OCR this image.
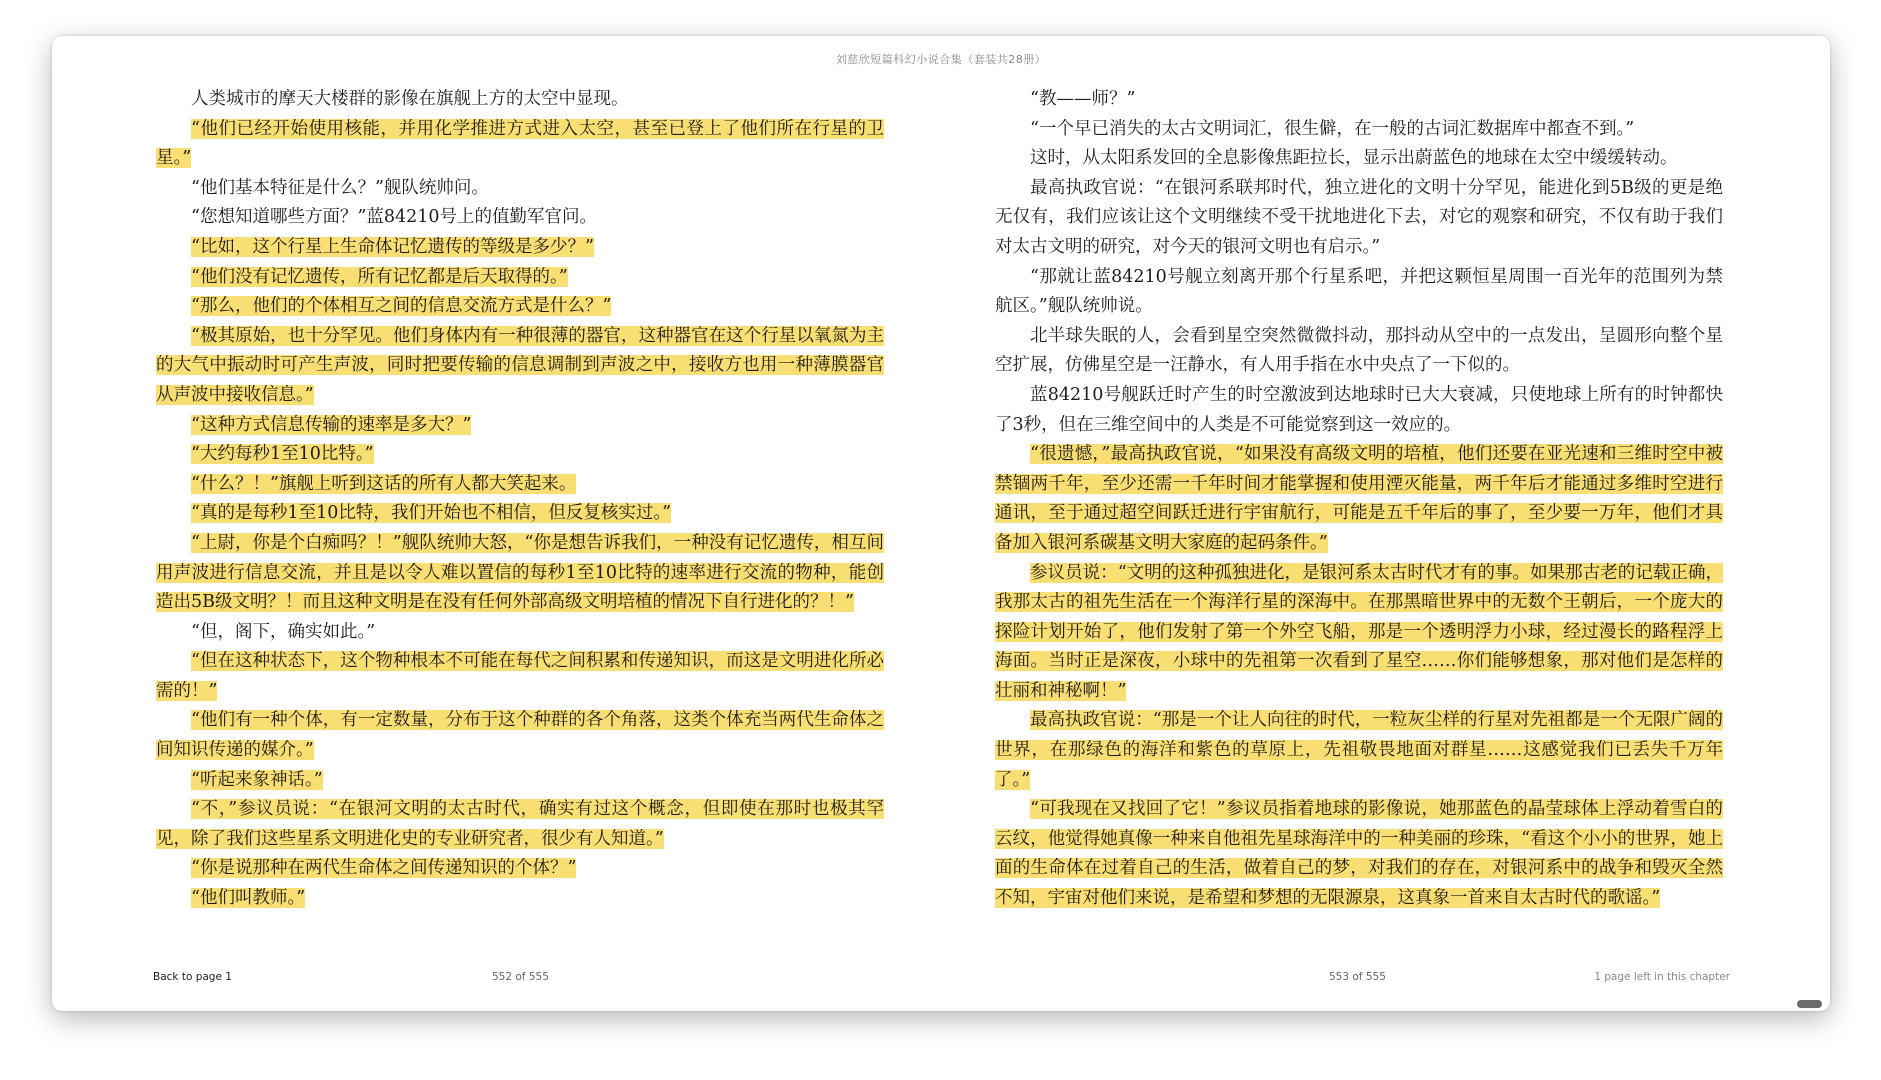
刘慈欣短篇科幻小说合集（套装共28册）

人类城市的摩天大楼群的影像在旗舰上方的太空中显现。

“他们已经开始使用核能，并用化学推进方式进入太空，甚至已登上了他们所在行星的卫星。”

“他们基本特征是什么？”舰队统帅问。

“您想知道哪些方面？”蓝84210号上的值勤军官问。

“比如，这个行星上生命体记忆遗传的等级是多少？”

“他们没有记忆遗传，所有记忆都是后天取得的。”

“那么，他们的个体相互之间的信息交流方式是什么？”

“极其原始，也十分罕见。他们身体内有一种很薄的器官，这种器官在这个行星以氧氮为主的大气中振动时可产生声波，同时把要传输的信息调制到声波之中，接收方也用一种薄膜器官从声波中接收信息。”

“这种方式信息传输的速率是多大？”

“大约每秒1至10比特。”

“什么？！”旗舰上听到这话的所有人都大笑起来。

“真的是每秒1至10比特，我们开始也不相信，但反复核实过。”

“上尉，你是个白痴吗？！”舰队统帅大怒，“你是想告诉我们，一种没有记忆遗传，相互间用声波进行信息交流，并且是以令人难以置信的每秒1至10比特的速率进行交流的物种，能创造出5B级文明？！而且这种文明是在没有任何外部高级文明培植的情况下自行进化的？！”

“但，阁下，确实如此。”

“但在这种状态下，这个物种根本不可能在每代之间积累和传递知识，而这是文明进化所必需的！”

“他们有一种个体，有一定数量，分布于这个种群的各个角落，这类个体充当两代生命体之间知识传递的媒介。”

“听起来象神话。”

“不，”参议员说：“在银河文明的太古时代，确实有过这个概念，但即使在那时也极其罕见，除了我们这些星系文明进化史的专业研究者，很少有人知道。”

“你是说那种在两代生命体之间传递知识的个体？”

“他们叫教师。”

“教——师？”

“一个早已消失的太古文明词汇，很生僻，在一般的古词汇数据库中都查不到。”

这时，从太阳系发回的全息影像焦距拉长，显示出蔚蓝色的地球在太空中缓缓转动。

最高执政官说：“在银河系联邦时代，独立进化的文明十分罕见，能进化到5B级的更是绝无仅有，我们应该让这个文明继续不受干扰地进化下去，对它的观察和研究，不仅有助于我们对太古文明的研究，对今天的银河文明也有启示。”

“那就让蓝84210号舰立刻离开那个行星系吧，并把这颗恒星周围一百光年的范围列为禁航区。”舰队统帅说。

北半球失眠的人，会看到星空突然微微抖动，那抖动从空中的一点发出，呈圆形向整个星空扩展，仿佛星空是一汪静水，有人用手指在水中央点了一下似的。

蓝84210号舰跃迁时产生的时空激波到达地球时已大大衰减，只使地球上所有的时钟都快了3秒，但在三维空间中的人类是不可能觉察到这一效应的。

“很遗憾，”最高执政官说，“如果没有高级文明的培植，他们还要在亚光速和三维时空中被禁锢两千年，至少还需一千年时间才能掌握和使用湮灭能量，两千年后才能通过多维时空进行通讯，至于通过超空间跃迁进行宇宙航行，可能是五千年后的事了，至少要一万年，他们才具备加入银河系碳基文明大家庭的起码条件。”

参议员说：“文明的这种孤独进化，是银河系太古时代才有的事。如果那古老的记载正确，我那太古的祖先生活在一个海洋行星的深海中。在那黑暗世界中的无数个王朝后，一个庞大的探险计划开始了，他们发射了第一个外空飞船，那是一个透明浮力小球，经过漫长的路程浮上海面。当时正是深夜，小球中的先祖第一次看到了星空……你们能够想象，那对他们是怎样的壮丽和神秘啊！”

最高执政官说：“那是一个让人向往的时代，一粒灰尘样的行星对先祖都是一个无限广阔的世界，在那绿色的海洋和紫色的草原上，先祖敬畏地面对群星……这感觉我们已丢失千万年了。”

“可我现在又找回了它！”参议员指着地球的影像说，她那蓝色的晶莹球体上浮动着雪白的云纹，他觉得她真像一种来自他祖先星球海洋中的一种美丽的珍珠，“看这个小小的世界，她上面的生命体在过着自己的生活，做着自己的梦，对我们的存在，对银河系中的战争和毁灭全然不知，宇宙对他们来说，是希望和梦想的无限源泉，这真象一首来自太古时代的歌谣。”

Back to page 1	552 of 555	553 of 555	1 page left in this chapter
